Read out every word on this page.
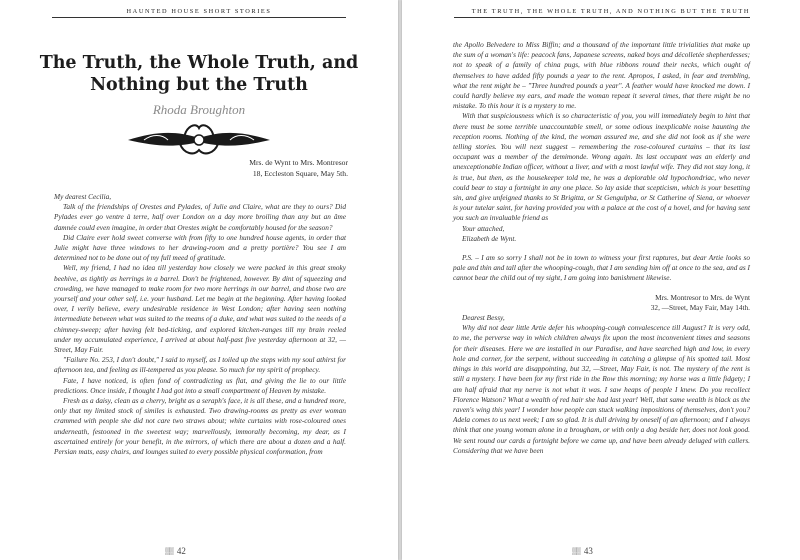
HAUNTED HOUSE SHORT STORIES
The Truth, the Whole Truth, and Nothing but the Truth
Rhoda Broughton
Mrs. de Wynt to Mrs. Montresor
18, Eccleston Square, May 5th.

My dearest Cecilia,

Talk of the friendships of Orestes and Pylades, of Julie and Claire, what are they to ours? Did Pylades ever go ventre à terre, half over London on a day more broiling than any but an âme damnée could even imagine, in order that Orestes might be comfortably housed for the season?

Did Claire ever hold sweet converse with from fifty to one hundred house agents, in order that Julie might have three windows to her drawing-room and a pretty portière? You see I am determined not to be done out of my full meed of gratitude.

Well, my friend, I had no idea till yesterday how closely we were packed in this great smoky beehive, as tightly as herrings in a barrel. Don't be frightened, however. By dint of squeezing and crowding, we have managed to make room for two more herrings in our barrel, and those two are yourself and your other self, i.e. your husband. Let me begin at the beginning. After having looked over, I verily believe, every undesirable residence in West London; after having seen nothing intermediate between what was suited to the means of a duke, and what was suited to the needs of a chimney-sweep; after having felt bed-ticking, and explored kitchen-ranges till my brain reeled under my accumulated experience, I arrived at about half-past five yesterday afternoon at 32, —Street, May Fair.

"Failure No. 253, I don't doubt," I said to myself, as I toiled up the steps with my soul athirst for afternoon tea, and feeling as ill-tempered as you please. So much for my spirit of prophecy.

Fate, I have noticed, is often fond of contradicting us flat, and giving the lie to our little predictions. Once inside, I thought I had got into a small compartment of Heaven by mistake.

Fresh as a daisy, clean as a cherry, bright as a seraph's face, it is all these, and a hundred more, only that my limited stock of similes is exhausted. Two drawing-rooms as pretty as ever woman crammed with people she did not care two straws about; white curtains with rose-coloured ones underneath, festooned in the sweetest way; marvellously, immorally becoming, my dear, as I ascertained entirely for your benefit, in the mirrors, of which there are about a dozen and a half. Persian mats, easy chairs, and lounges suited to every possible physical conformation, from

▒▒ 42
THE TRUTH, THE WHOLE TRUTH, AND NOTHING BUT THE TRUTH

the Apollo Belvedere to Miss Biffin; and a thousand of the important little trivialities that make up the sum of a woman's life: peacock fans, Japanese screens, naked boys and décolletée shepherdesses; not to speak of a family of china pugs, with blue ribbons round their necks, which ought of themselves to have added fifty pounds a year to the rent. Apropos, I asked, in fear and trembling, what the rent might be – "Three hundred pounds a year". A feather would have knocked me down. I could hardly believe my ears, and made the woman repeat it several times, that there might be no mistake. To this hour it is a mystery to me.

With that suspiciousness which is so characteristic of you, you will immediately begin to hint that there must be some terrible unaccountable smell, or some odious inexplicable noise haunting the reception rooms. Nothing of the kind, the woman assured me, and she did not look as if she were telling stories. You will next suggest – remembering the rose-coloured curtains – that its last occupant was a member of the demimonde. Wrong again. Its last occupant was an elderly and unexceptionable Indian officer, without a liver, and with a most lawful wife. They did not stay long, it is true, but then, as the housekeeper told me, he was a deplorable old hypochondriac, who never could bear to stay a fortnight in any one place. So lay aside that scepticism, which is your besetting sin, and give unfeigned thanks to St Brigitta, or St Gengulpha, or St Catherine of Siena, or whoever is your tutelar saint, for having provided you with a palace at the cost of a hovel, and for having sent you such an invaluable friend as

Your attached,

Elizabeth de Wynt.

P.S. – I am so sorry I shall not be in town to witness your first raptures, but dear Artie looks so pale and thin and tall after the whooping-cough, that I am sending him off at once to the sea, and as I cannot bear the child out of my sight, I am going into banishment likewise.

Mrs. Montresor to Mrs. de Wynt

32, —Street, May Fair, May 14th.

Dearest Bessy,

Why did not dear little Artie defer his whooping-cough convalescence till August? It is very odd, to me, the perverse way in which children always fix upon the most inconvenient times and seasons for their diseases. Here we are installed in our Paradise, and have searched high and low, in every hole and corner, for the serpent, without succeeding in catching a glimpse of his spotted tail. Most things in this world are disappointing, but 32, —Street, May Fair, is not. The mystery of the rent is still a mystery. I have been for my first ride in the Row this morning; my horse was a little fidgety; I am half afraid that my nerve is not what it was. I saw heaps of people I knew. Do you recollect Florence Watson? What a wealth of red hair she had last year! Well, that same wealth is black as the raven's wing this year! I wonder how people can stuck walking impositions of themselves, don't you? Adela comes to us next week; I am so glad. It is dull driving by oneself of an afternoon; and I always think that one young woman alone in a brougham, or with only a dog beside her, does not look good. We sent round our cards a fortnight before we came up, and have been already deluged with callers. Considering that we have been

▒▒ 43
